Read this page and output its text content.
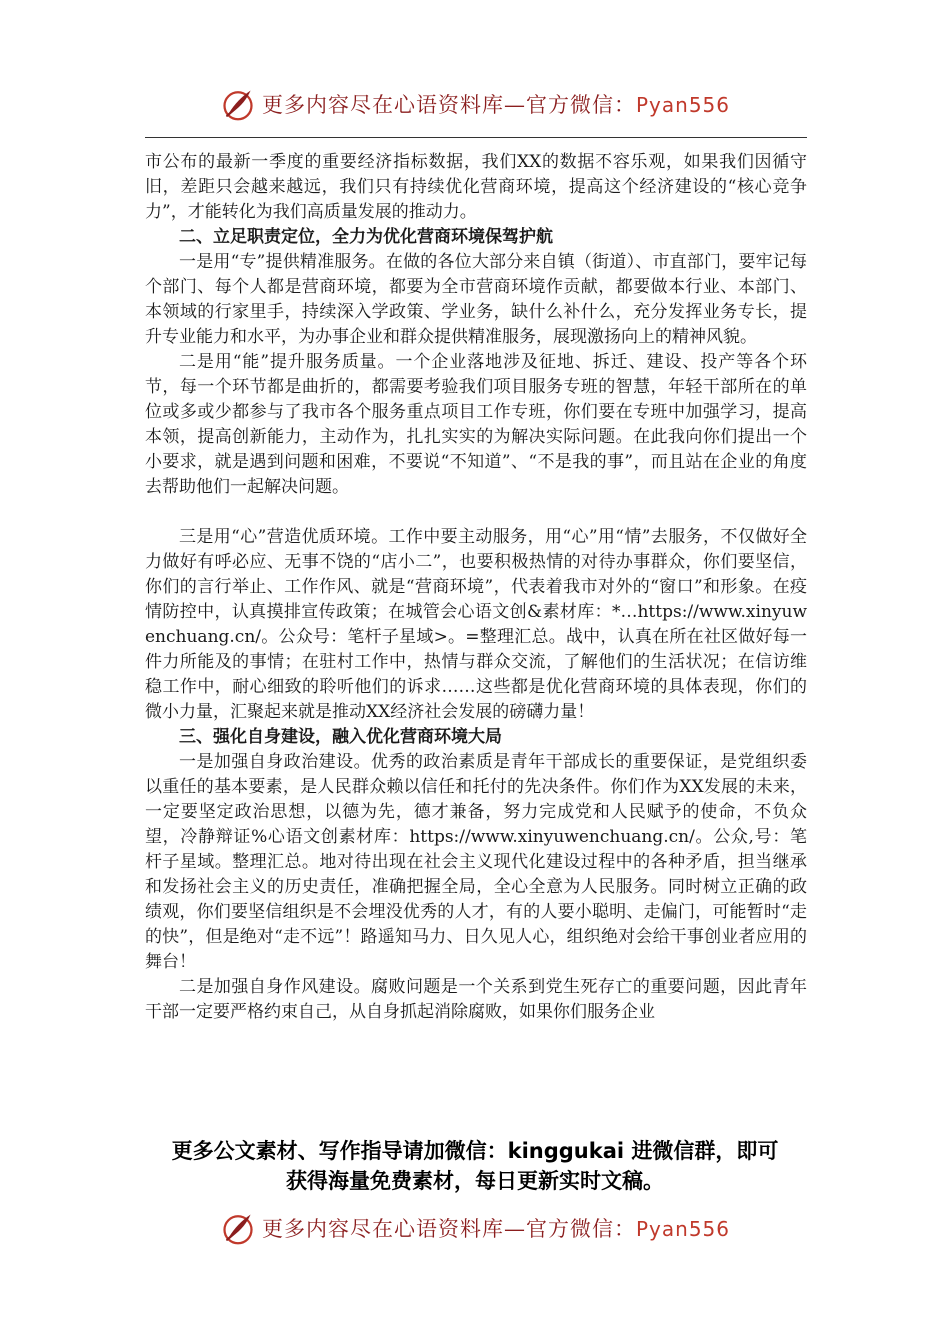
更多内容尽在心语资料库—官方微信：Pyan556

市公布的最新一季度的重要经济指标数据，我们XX的数据不容乐观，如果我们因循守旧，差距只会越来越远，我们只有持续优化营商环境，提高这个经济建设的“核心竞争力”，才能转化为我们高质量发展的推动力。

二、立足职责定位，全力为优化营商环境保驾护航

一是用“专”提供精准服务。在做的各位大部分来自镇（街道）、市直部门，要牢记每个部门、每个人都是营商环境，都要为全市营商环境作贡献，都要做本行业、本部门、本领域的行家里手，持续深入学政策、学业务，缺什么补什么，充分发挥业务专长，提升专业能力和水平，为办事企业和群众提供精准服务，展现激扬向上的精神风貌。

二是用“能”提升服务质量。一个企业落地涉及征地、拆迁、建设、投产等各个环节，每一个环节都是曲折的，都需要考验我们项目服务专班的智慧，年轻干部所在的单位或多或少都参与了我市各个服务重点项目工作专班，你们要在专班中加强学习，提高本领，提高创新能力，主动作为，扎扎实实的为解决实际问题。在此我向你们提出一个小要求，就是遇到问题和困难，不要说“不知道”、“不是我的事”，而且站在企业的角度去帮助他们一起解决问题。

三是用“心”营造优质环境。工作中要主动服务，用“心”用“情”去服务，不仅做好全力做好有呼必应、无事不饶的“店小二”，也要积极热情的对待办事群众，你们要坚信，你们的言行举止、工作作风、就是“营商环境”，代表着我市对外的“窗口”和形象。在疫情防控中，认真摸排宣传政策；在城管会心语文创&素材库：*…https://www.xinyuwenchuang.cn/。公众号：笔杆子星域>。=整理汇总。战中，认真在所在社区做好每一件力所能及的事情；在驻村工作中，热情与群众交流，了解他们的生活状况；在信访维稳工作中，耐心细致的聆听他们的诉求……这些都是优化营商环境的具体表现，你们的微小力量，汇聚起来就是推动XX经济社会发展的磅礴力量！

三、强化自身建设，融入优化营商环境大局

一是加强自身政治建设。优秀的政治素质是青年干部成长的重要保证，是党组织委以重任的基本要素，是人民群众赖以信任和托付的先决条件。你们作为XX发展的未来，一定要坚定政治思想，以德为先，德才兼备，努力完成党和人民赋予的使命，不负众望，冷静辩证%心语文创素材库：https://www.xinyuwenchuang.cn/。公众,号：笔杆子星域。整理汇总。地对待出现在社会主义现代化建设过程中的各种矛盾，担当继承和发扬社会主义的历史责任，准确把握全局，全心全意为人民服务。同时树立正确的政绩观，你们要坚信组织是不会埋没优秀的人才，有的人要小聪明、走偏门，可能暂时“走的快”，但是绝对“走不远”！路遥知马力、日久见人心，组织绝对会给干事创业者应用的舞台！

二是加强自身作风建设。腐败问题是一个关系到党生死存亡的重要问题，因此青年干部一定要严格约束自己，从自身抓起消除腐败，如果你们服务企业

更多公文素材、写作指导请加微信：kinggukai 进微信群，即可
获得海量免费素材，每日更新实时文稿。
更多内容尽在心语资料库—官方微信：Pyan556
